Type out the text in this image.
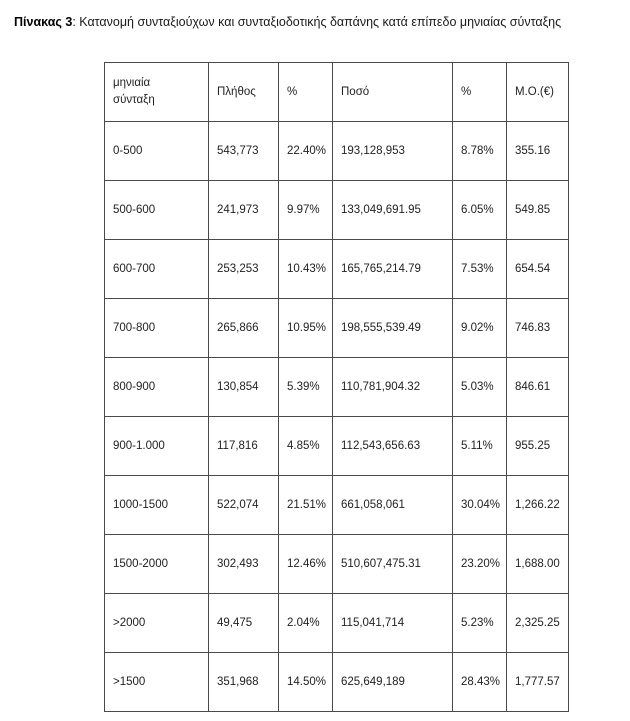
Πίνακας 3: Κατανομή συνταξιούχων και συνταξιοδοτικής δαπάνης κατά επίπεδο μηνιαίας σύνταξης
μηνιαία
σύνταξη	Πλήθος	%	Ποσό	%	Μ.Ο.(€)

0-500	543,773	22.40%	193,128,953	8.78%	355.16
500-600	241,973	9.97%	133,049,691.95	6.05%	549.85
600-700	253,253	10.43%	165,765,214.79	7.53%	654.54
700-800	265,866	10.95%	198,555,539.49	9.02%	746.83
800-900	130,854	5.39%	110,781,904.32	5.03%	846.61
900-1.000	117,816	4.85%	112,543,656.63	5.11%	955.25
1000-1500	522,074	21.51%	661,058,061	30.04%	1,266.22
1500-2000	302,493	12.46%	510,607,475.31	23.20%	1,688.00
>2000	49,475	2.04%	115,041,714	5.23%	2,325.25
>1500	351,968	14.50%	625,649,189	28.43%	1,777.57
